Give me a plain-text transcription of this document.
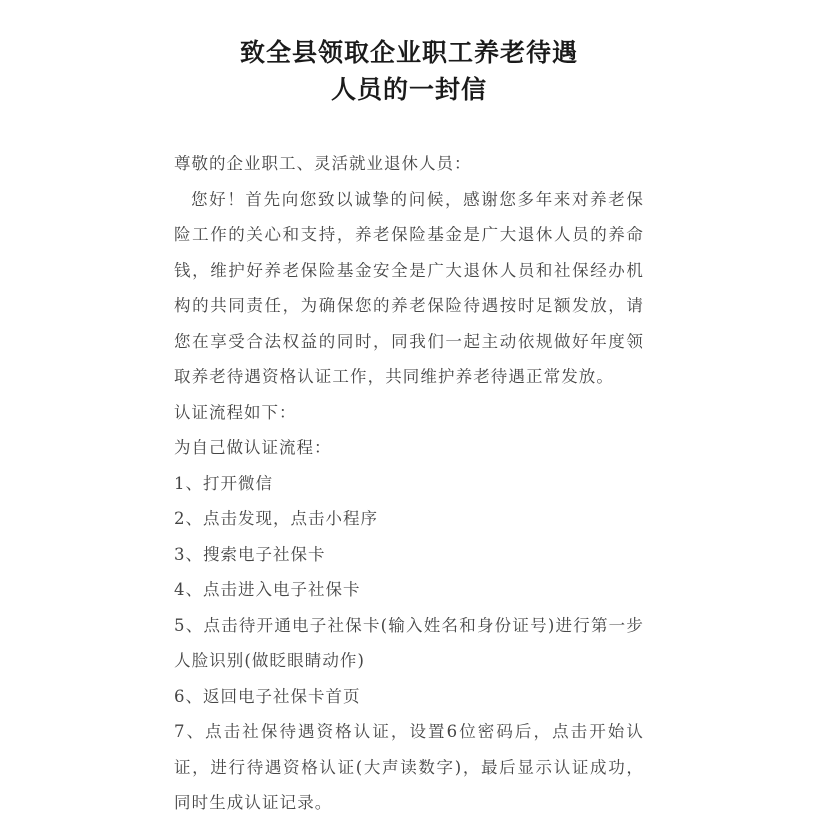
致全县领取企业职工养老待遇
人员的一封信

尊敬的企业职工、灵活就业退休人员：

您好！首先向您致以诚挚的问候，感谢您多年来对养老保险工作的关心和支持，养老保险基金是广大退休人员的养命钱，维护好养老保险基金安全是广大退休人员和社保经办机构的共同责任，为确保您的养老保险待遇按时足额发放，请您在享受合法权益的同时，同我们一起主动依规做好年度领取养老待遇资格认证工作，共同维护养老待遇正常发放。

认证流程如下：

为自己做认证流程：

1、打开微信

2、点击发现，点击小程序

3、搜索电子社保卡

4、点击进入电子社保卡

5、点击待开通电子社保卡(输入姓名和身份证号)进行第一步人脸识别(做眨眼睛动作)

6、返回电子社保卡首页

7、点击社保待遇资格认证，设置6位密码后，点击开始认证，进行待遇资格认证(大声读数字)，最后显示认证成功，同时生成认证记录。
